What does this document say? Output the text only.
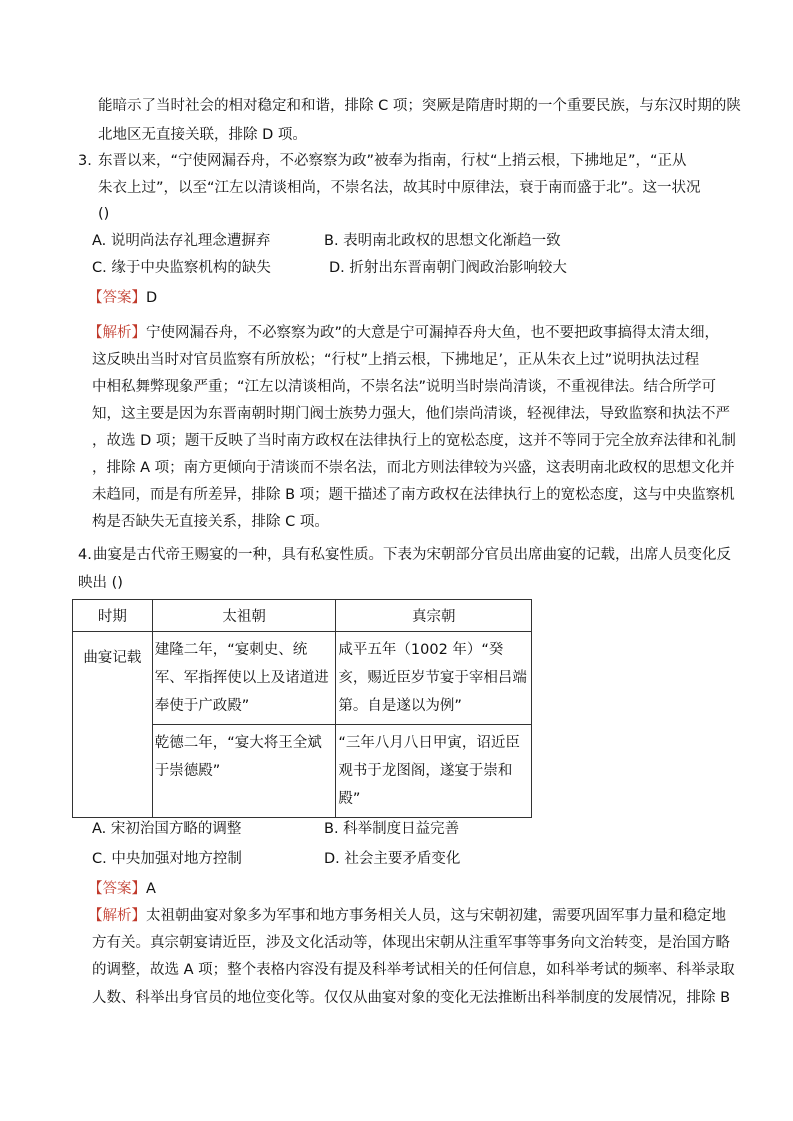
能暗示了当时社会的相对稳定和和谐，排除 C 项；突厥是隋唐时期的一个重要民族，与东汉时期的陕
北地区无直接关联，排除 D 项。
3. 东晋以来，“宁使网漏吞舟，不必察察为政”被奉为指南，行杖“上捎云根，下拂地足”，“正从
朱衣上过”，以至“江左以清谈相尚，不崇名法，故其时中原律法，衰于南而盛于北”。这一状况
()
A. 说明尚法存礼理念遭摒弃	B. 表明南北政权的思想文化渐趋一致
C. 缘于中央监察机构的缺失	D. 折射出东晋南朝门阀政治影响较大
【答案】D
【解析】宁使网漏吞舟，不必察察为政”的大意是宁可漏掉吞舟大鱼，也不要把政事搞得太清太细，
这反映出当时对官员监察有所放松；“行杖”上捎云根，下拂地足’，正从朱衣上过”说明执法过程
中相私舞弊现象严重；“江左以清谈相尚，不崇名法”说明当时崇尚清谈，不重视律法。结合所学可
知，这主要是因为东晋南朝时期门阀士族势力强大，他们崇尚清谈，轻视律法，导致监察和执法不严
，故选 D 项；题干反映了当时南方政权在法律执行上的宽松态度，这并不等同于完全放弃法律和礼制
，排除 A 项；南方更倾向于清谈而不崇名法，而北方则法律较为兴盛，这表明南北政权的思想文化并
未趋同，而是有所差异，排除 B 项；题干描述了南方政权在法律执行上的宽松态度，这与中央监察机
构是否缺失无直接关系，排除 C 项。
4. 曲宴是古代帝王赐宴的一种，具有私宴性质。下表为宋朝部分官员出席曲宴的记载，出席人员变化反
映出 ()
时期	太祖朝	真宗朝

曲宴记载	建隆二年，“宴刺史、统军、军指挥使以上及诸道进奉使于广政殿”	咸平五年（1002 年）“癸亥，赐近臣岁节宴于宰相吕端第。自是遂以为例”

	乾德二年，“宴大将王全斌于崇德殿”	“三年八月八日甲寅，诏近臣观书于龙图阁，遂宴于崇和殿”
A. 宋初治国方略的调整	B. 科举制度日益完善
C. 中央加强对地方控制	D. 社会主要矛盾变化
【答案】A
【解析】太祖朝曲宴对象多为军事和地方事务相关人员，这与宋朝初建，需要巩固军事力量和稳定地
方有关。真宗朝宴请近臣，涉及文化活动等，体现出宋朝从注重军事等事务向文治转变，是治国方略
的调整，故选 A 项；整个表格内容没有提及科举考试相关的任何信息，如科举考试的频率、科举录取
人数、科举出身官员的地位变化等。仅仅从曲宴对象的变化无法推断出科举制度的发展情况，排除 B
